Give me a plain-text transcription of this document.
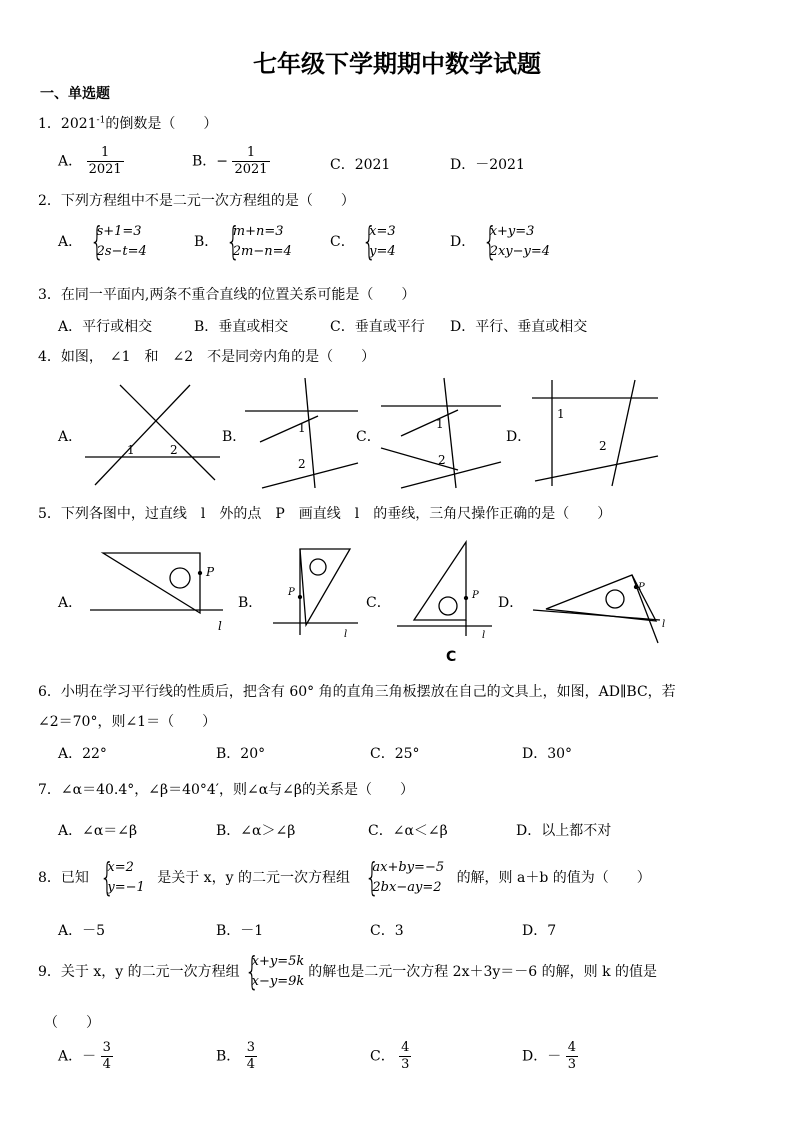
七年级下学期期中数学试题
一、单选题
1．$2021^{-1}$的倒数是（　　）
A． $\frac{1}{2021}$	B．− $\frac{1}{2021}$	C．2021	D．－2021
2．下列方程组中不是二元一次方程组的是（　　）
A． {
s+1=3
2s−t=4
B． {
m+n=3
2m−n=4
C． {
x=3
y=4
D． {
x+y=3
2xy−y=4
3．在同一平面内,两条不重合直线的位置关系可能是（　　）
A．平行或相交	B．垂直或相交	C．垂直或平行 D．平行、垂直或相交
4．如图，　∠1　和　∠2　不是同旁内角的是（　　）
A．	B．	C．	D．
1	2
1
2
1
2
1
2
5．下列各图中，过直线　l　外的点　P　画直线　l　的垂线，三角尺操作正确的是（　　）
A．	B．	C．	D．
P
l
P
l
P
l
C
P
l
6．小明在学习平行线的性质后，把含有 60° 角的直角三角板摆放在自己的文具上，如图，AD∥BC，若
∠2＝70°，则∠1＝（　　）
A．22°	B．20°	C．25°	D．30°
7．∠α＝40.4°，∠β＝40°4′，则∠α与∠β的关系是（　　）
A．∠α＝∠β	B．∠α＞∠β	C．∠α＜∠β	D．以上都不对
8．已知 {
x=2
y=−1
是关于 x，y 的二元一次方程组 {
ax+by=−5
2bx−ay=2
的解，则 a＋b 的值为（　　）
A．－5	B．－1	C．3	D．7
9．关于 x，y 的二元一次方程组 {
x+y=5k
x−y=9k
的解也是二元一次方程 2x＋3y＝－6 的解，则 k 的值是
（　　）
A．－ $\frac{3}{4}$	B． $\frac{3}{4}$	C． $\frac{4}{3}$	D．－ $\frac{4}{3}$
